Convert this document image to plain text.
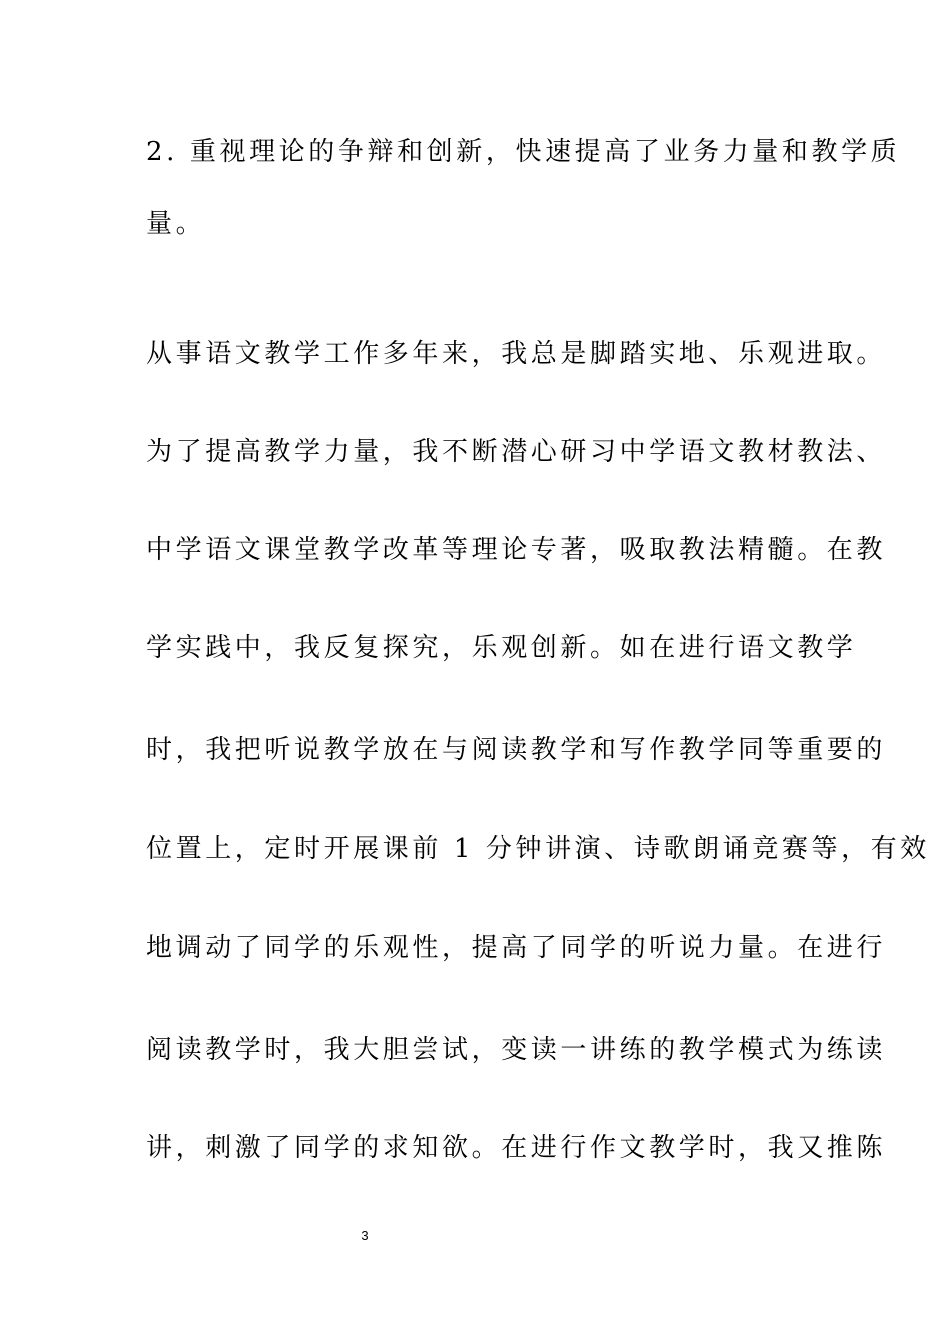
2. 重视理论的争辩和创新，快速提高了业务力量和教学质
量。
从事语文教学工作多年来，我总是脚踏实地、乐观进取。
为了提高教学力量，我不断潜心研习中学语文教材教法、
中学语文课堂教学改革等理论专著，吸取教法精髓。在教
学实践中，我反复探究，乐观创新。如在进行语文教学
时，我把听说教学放在与阅读教学和写作教学同等重要的
位置上，定时开展课前 1 分钟讲演、诗歌朗诵竞赛等，有效
地调动了同学的乐观性，提高了同学的听说力量。在进行
阅读教学时，我大胆尝试，变读一讲练的教学模式为练读
讲，刺激了同学的求知欲。在进行作文教学时，我又推陈
3
